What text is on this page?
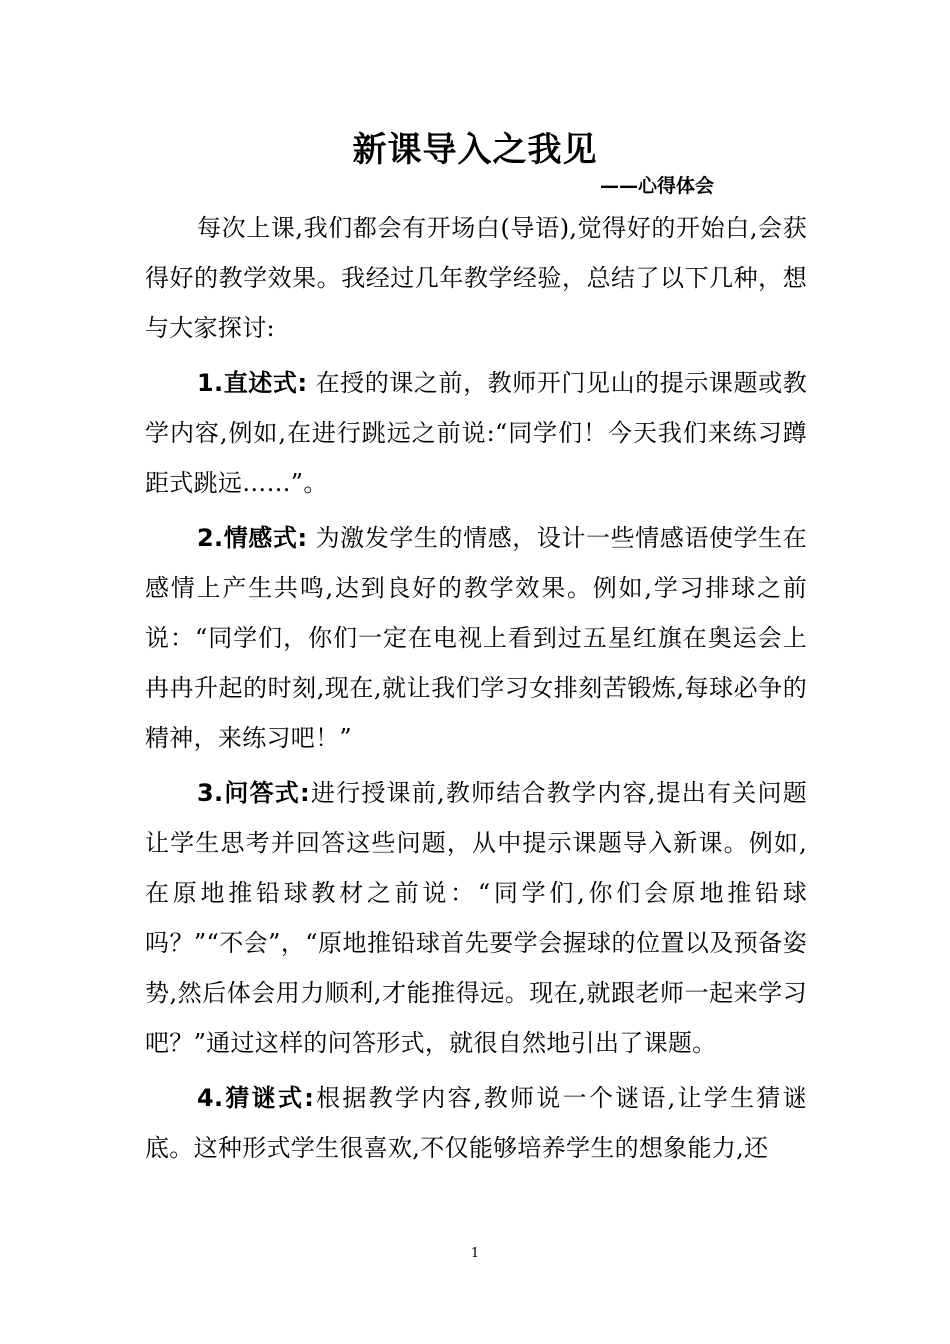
新课导入之我见
——心得体会

每次上课,我们都会有开场白(导语),觉得好的开始白,会获得好的教学效果。我经过几年教学经验，总结了以下几种，想与大家探讨:

1.直述式: 在授的课之前，教师开门见山的提示课题或教学内容,例如,在进行跳远之前说:“同学们！今天我们来练习蹲距式跳远……”。

2.情感式: 为激发学生的情感，设计一些情感语使学生在感情上产生共鸣,达到良好的教学效果。例如,学习排球之前说：“同学们，你们一定在电视上看到过五星红旗在奥运会上冉冉升起的时刻,现在,就让我们学习女排刻苦锻炼,每球必争的精神，来练习吧！”

3.问答式:进行授课前,教师结合教学内容,提出有关问题让学生思考并回答这些问题，从中提示课题导入新课。例如,在原地推铅球教材之前说：“同学们,你们会原地推铅球吗？”“不会”，“原地推铅球首先要学会握球的位置以及预备姿势,然后体会用力顺利,才能推得远。现在,就跟老师一起来学习吧？”通过这样的问答形式，就很自然地引出了课题。

4.猜谜式:根据教学内容,教师说一个谜语,让学生猜谜底。这种形式学生很喜欢,不仅能够培养学生的想象能力,还

1
